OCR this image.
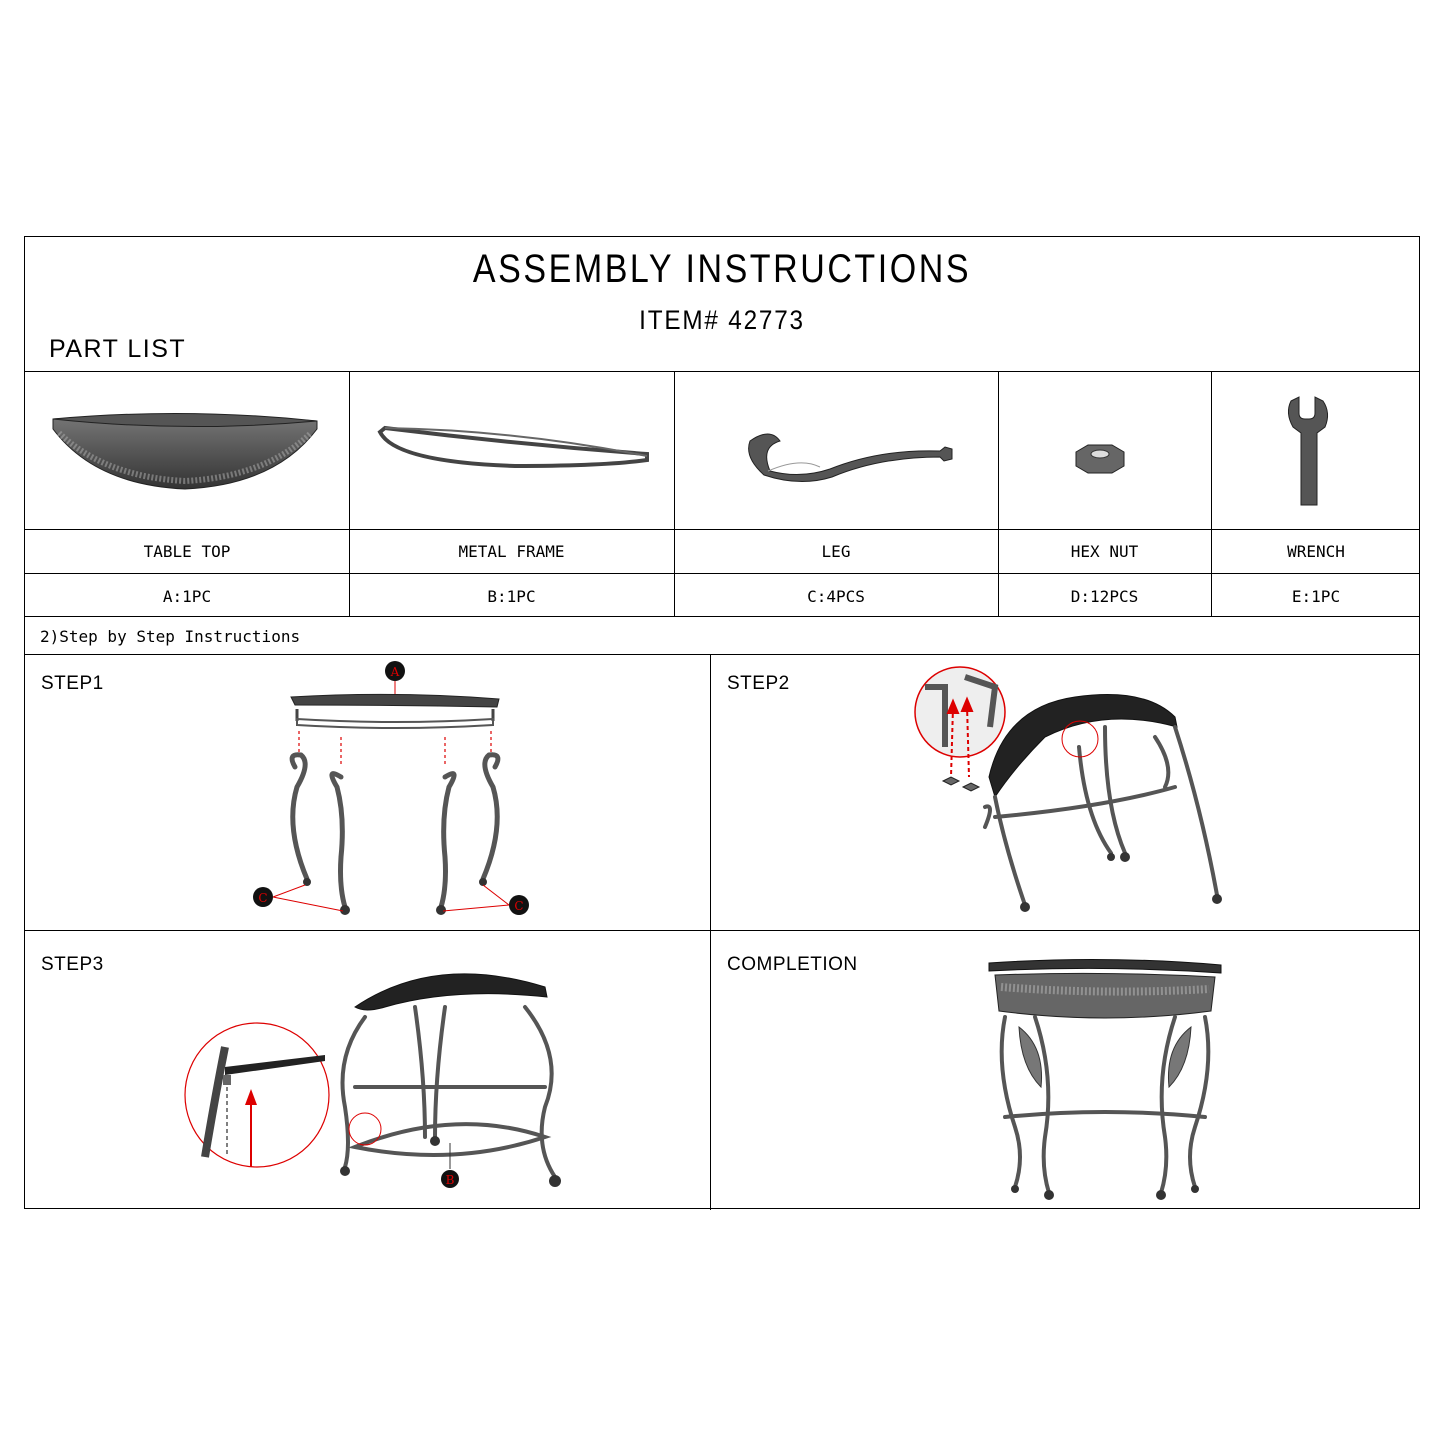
ASSEMBLY INSTRUCTIONS
ITEM# 42773
PART LIST
TABLE TOP	METAL FRAME	LEG	HEX NUT	WRENCH
A:1PC	B:1PC	C:4PCS	D:12PCS	E:1PC
2)Step by Step Instructions
STEP1	STEP2
STEP3	COMPLETION
A
C
C
B
